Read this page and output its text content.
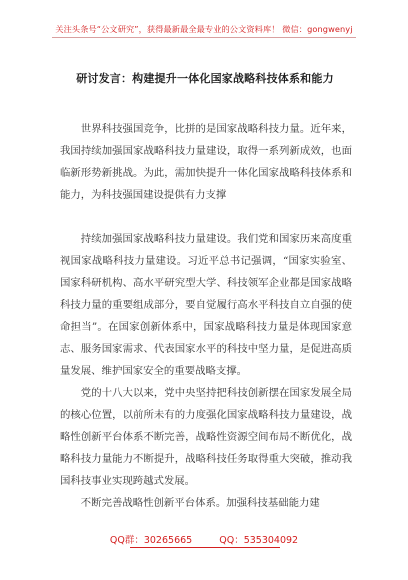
关注头条号“公文研究”，获得最新最全最专业的公文资料库！ 微信：gongwenyj
研讨发言：构建提升一体化国家战略科技体系和能力

世界科技强国竞争，比拼的是国家战略科技力量。近年来，我国持续加强国家战略科技力量建设，取得一系列新成效，也面临新形势新挑战。为此，需加快提升一体化国家战略科技体系和能力，为科技强国建设提供有力支撑

持续加强国家战略科技力量建设。我们党和国家历来高度重视国家战略科技力量建设。习近平总书记强调，“国家实验室、国家科研机构、高水平研究型大学、科技领军企业都是国家战略科技力量的重要组成部分，要自觉履行高水平科技自立自强的使命担当”。在国家创新体系中，国家战略科技力量是体现国家意志、服务国家需求、代表国家水平的科技中坚力量，是促进高质量发展、维护国家安全的重要战略支撑。

党的十八大以来，党中央坚持把科技创新摆在国家发展全局的核心位置，以前所未有的力度强化国家战略科技力量建设，战略性创新平台体系不断完善，战略性资源空间布局不断优化，战略科技力量能力不断提升，战略科技任务取得重大突破，推动我国科技事业实现跨越式发展。

不断完善战略性创新平台体系。加强科技基础能力建

QQ群：30265665	QQ：535304092
